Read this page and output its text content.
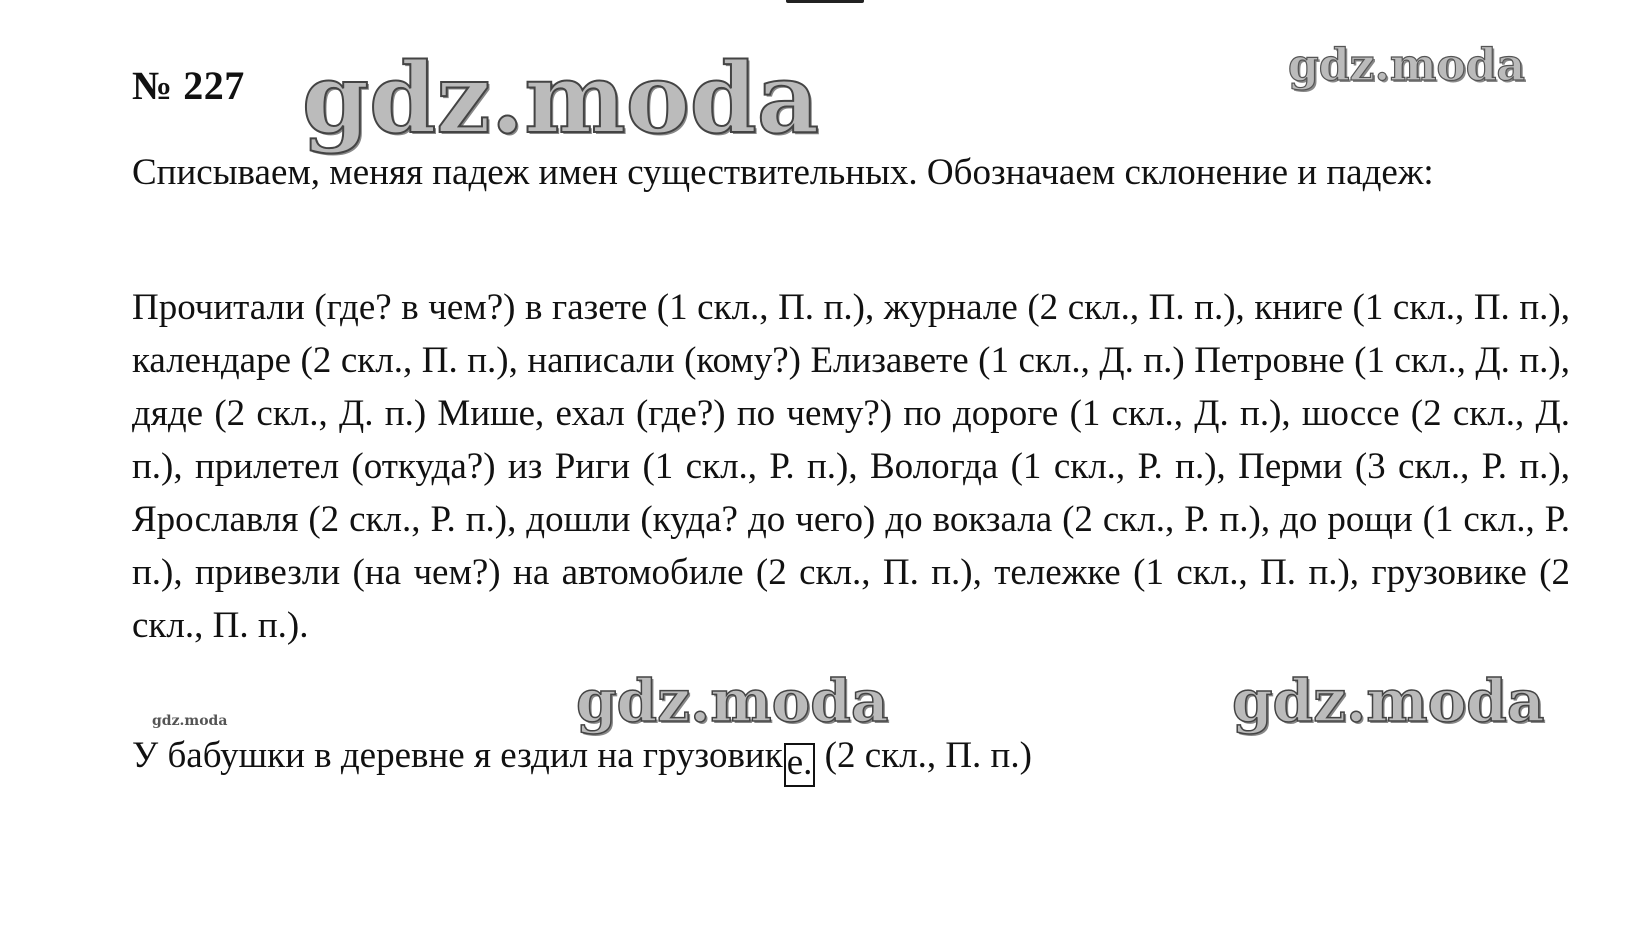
№ 227

Списываем, меняя падеж имен существительных. Обозначаем склонение и падеж:

Прочитали (где? в чем?) в газете (1 скл., П. п.), журнале (2 скл., П. п.), книге (1 скл., П. п.), календаре (2 скл., П. п.), написали (кому?) Елизавете (1 скл., Д. п.) Петровне (1 скл., Д. п.), дяде (2 скл., Д. п.) Мише, ехал (где?) по чему?) по дороге (1 скл., Д. п.), шоссе (2 скл., Д. п.), прилетел (откуда?) из Риги (1 скл., Р. п.), Вологда (1 скл., Р. п.), Перми (3 скл., Р. п.), Ярославля (2 скл., Р. п.), дошли (куда? до чего) до вокзала (2 скл., Р. п.), до рощи (1 скл., Р. п.), привезли (на чем?) на автомобиле (2 скл., П. п.), тележке (1 скл., П. п.), грузовике (2 скл., П. п.).

У бабушки в деревне я ездил на грузовик е. (2 скл., П. п.)

gdz.moda	gdz.moda
gdz.moda	gdz.moda
gdz.moda
